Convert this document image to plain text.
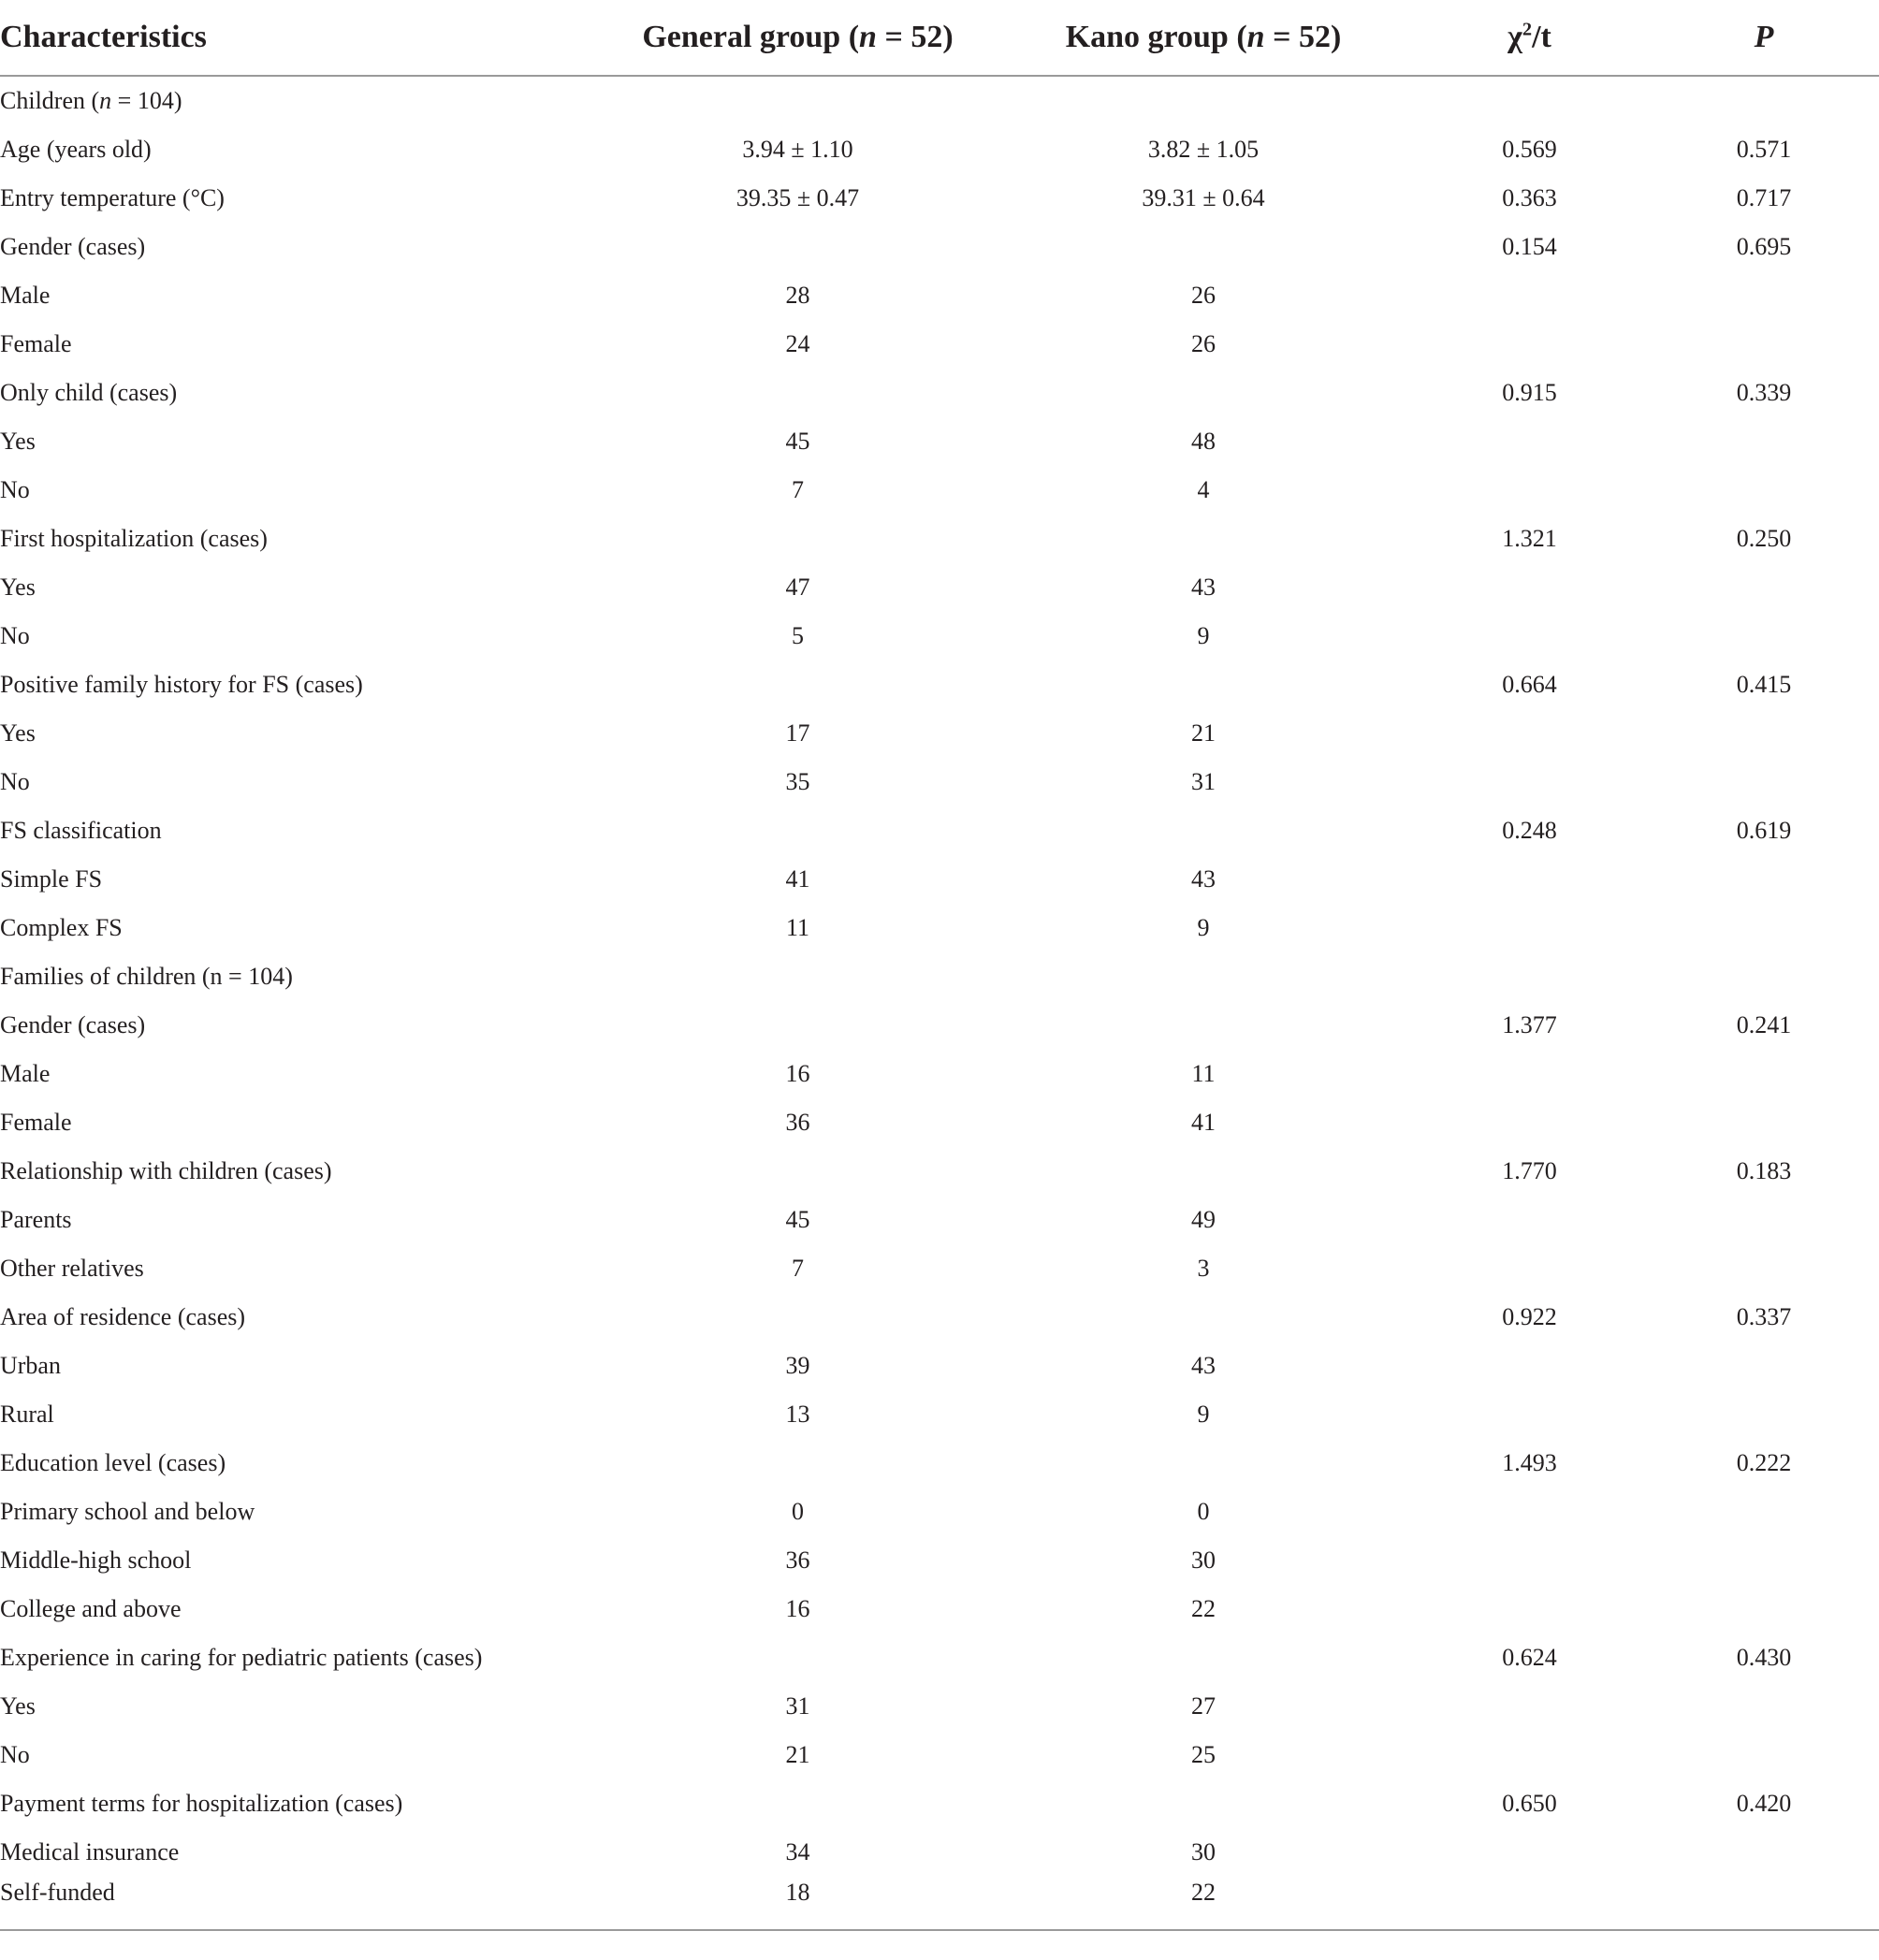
Characteristics	General group (n = 52)	Kano group (n = 52)	$\chi^2/t$	P
Children (n = 104)				
Age (years old)	3.94 ± 1.10	3.82 ± 1.05	0.569	0.571
Entry temperature (°C)	39.35 ± 0.47	39.31 ± 0.64	0.363	0.717
Gender (cases)			0.154	0.695
Male	28	26		
Female	24	26		
Only child (cases)			0.915	0.339
Yes	45	48		
No	7	4		
First hospitalization (cases)			1.321	0.250
Yes	47	43		
No	5	9		
Positive family history for FS (cases)			0.664	0.415
Yes	17	21		
No	35	31		
FS classification			0.248	0.619
Simple FS	41	43		
Complex FS	11	9		
Families of children (n = 104)				
Gender (cases)			1.377	0.241
Male	16	11		
Female	36	41		
Relationship with children (cases)			1.770	0.183
Parents	45	49		
Other relatives	7	3		
Area of residence (cases)			0.922	0.337
Urban	39	43		
Rural	13	9		
Education level (cases)			1.493	0.222
Primary school and below	0	0		
Middle-high school	36	30		
College and above	16	22		
Experience in caring for pediatric patients (cases)			0.624	0.430
Yes	31	27		
No	21	25		
Payment terms for hospitalization (cases)			0.650	0.420
Medical insurance	34	30		
Self-funded	18	22		
